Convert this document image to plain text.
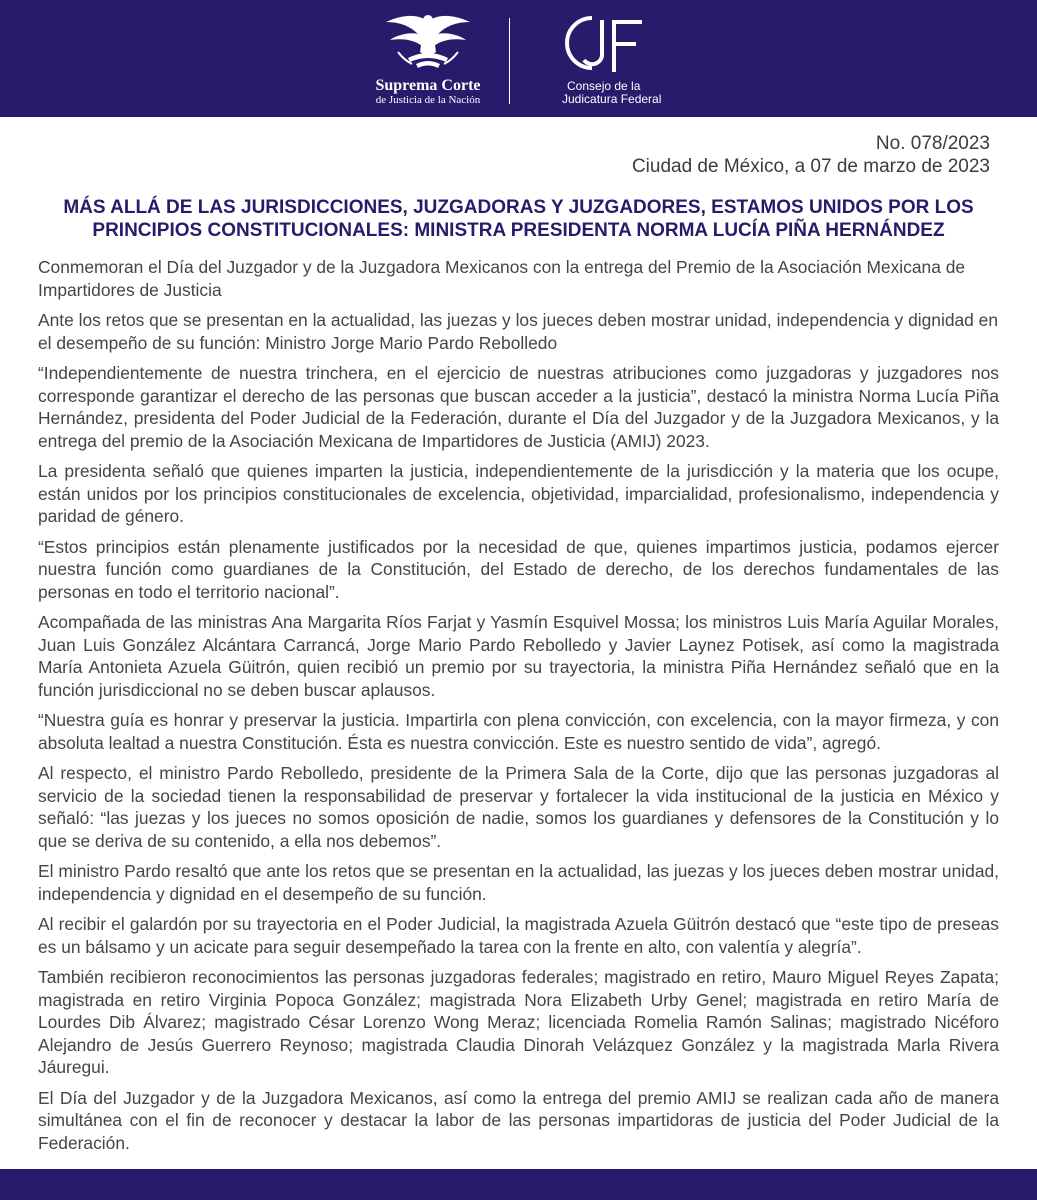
Suprema Corte
de Justicia de la Nación
Consejo de la
Judicatura Federal
No. 078/2023
Ciudad de México, a 07 de marzo de 2023
MÁS ALLÁ DE LAS JURISDICCIONES, JUZGADORAS Y JUZGADORES, ESTAMOS UNIDOS POR LOS
PRINCIPIOS CONSTITUCIONALES: MINISTRA PRESIDENTA NORMA LUCÍA PIÑA HERNÁNDEZ

Conmemoran el Día del Juzgador y de la Juzgadora Mexicanos con la entrega del Premio de la Asociación Mexicana de Impartidores de Justicia

Ante los retos que se presentan en la actualidad, las juezas y los jueces deben mostrar unidad, independencia y dignidad en el desempeño de su función: Ministro Jorge Mario Pardo Rebolledo

“Independientemente de nuestra trinchera, en el ejercicio de nuestras atribuciones como juzgadoras y juzgadores nos corresponde garantizar el derecho de las personas que buscan acceder a la justicia”, destacó la ministra Norma Lucía Piña Hernández, presidenta del Poder Judicial de la Federación, durante el Día del Juzgador y de la Juzgadora Mexicanos, y la entrega del premio de la Asociación Mexicana de Impartidores de Justicia (AMIJ) 2023.

La presidenta señaló que quienes imparten la justicia, independientemente de la jurisdicción y la materia que los ocupe, están unidos por los principios constitucionales de excelencia, objetividad, imparcialidad, profesionalismo, independencia y paridad de género.

“Estos principios están plenamente justificados por la necesidad de que, quienes impartimos justicia, podamos ejercer nuestra función como guardianes de la Constitución, del Estado de derecho, de los derechos fundamentales de las personas en todo el territorio nacional”.

Acompañada de las ministras Ana Margarita Ríos Farjat y Yasmín Esquivel Mossa; los ministros Luis María Aguilar Morales, Juan Luis González Alcántara Carrancá, Jorge Mario Pardo Rebolledo y Javier Laynez Potisek, así como la magistrada María Antonieta Azuela Güitrón, quien recibió un premio por su trayectoria, la ministra Piña Hernández señaló que en la función jurisdiccional no se deben buscar aplausos.

“Nuestra guía es honrar y preservar la justicia. Impartirla con plena convicción, con excelencia, con la mayor firmeza, y con absoluta lealtad a nuestra Constitución. Ésta es nuestra convicción. Este es nuestro sentido de vida”, agregó.

Al respecto, el ministro Pardo Rebolledo, presidente de la Primera Sala de la Corte, dijo que las personas juzgadoras al servicio de la sociedad tienen la responsabilidad de preservar y fortalecer la vida institucional de la justicia en México y señaló: “las juezas y los jueces no somos oposición de nadie, somos los guardianes y defensores de la Constitución y lo que se deriva de su contenido, a ella nos debemos”.

El ministro Pardo resaltó que ante los retos que se presentan en la actualidad, las juezas y los jueces deben mostrar unidad, independencia y dignidad en el desempeño de su función.

Al recibir el galardón por su trayectoria en el Poder Judicial, la magistrada Azuela Güitrón destacó que “este tipo de preseas es un bálsamo y un acicate para seguir desempeñado la tarea con la frente en alto, con valentía y alegría”.

También recibieron reconocimientos las personas juzgadoras federales; magistrado en retiro, Mauro Miguel Reyes Zapata; magistrada en retiro Virginia Popoca González; magistrada Nora Elizabeth Urby Genel; magistrada en retiro María de Lourdes Dib Álvarez; magistrado César Lorenzo Wong Meraz; licenciada Romelia Ramón Salinas; magistrado Nicéforo Alejandro de Jesús Guerrero Reynoso; magistrada Claudia Dinorah Velázquez González y la magistrada Marla Rivera Jáuregui.

El Día del Juzgador y de la Juzgadora Mexicanos, así como la entrega del premio AMIJ se realizan cada año de manera simultánea con el fin de reconocer y destacar la labor de las personas impartidoras de justicia del Poder Judicial de la Federación.
